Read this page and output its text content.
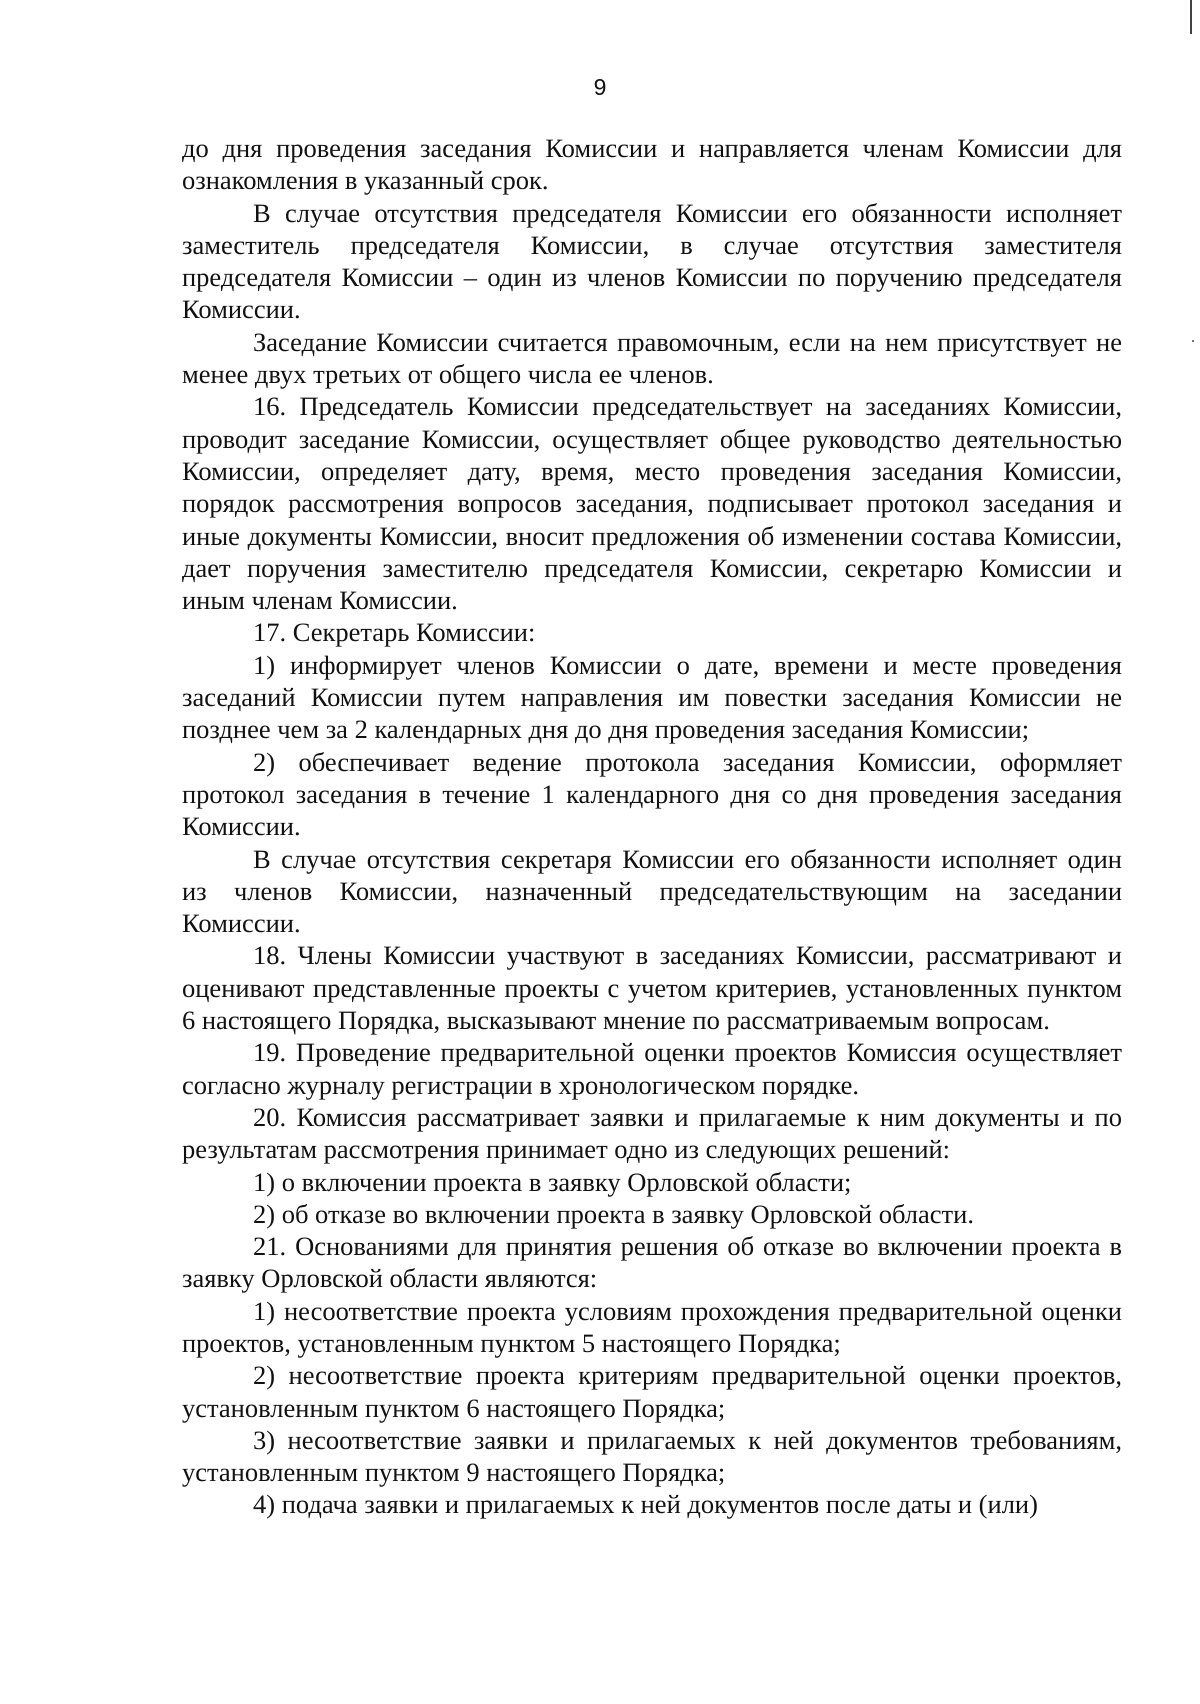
9

до дня проведения заседания Комиссии и направляется членам Комиссии для ознакомления в указанный срок.

В случае отсутствия председателя Комиссии его обязанности исполняет заместитель председателя Комиссии, в случае отсутствия заместителя председателя Комиссии – один из членов Комиссии по поручению председателя Комиссии.

Заседание Комиссии считается правомочным, если на нем присутствует не менее двух третьих от общего числа ее членов.

16. Председатель Комиссии председательствует на заседаниях Комиссии, проводит заседание Комиссии, осуществляет общее руководство деятельностью Комиссии, определяет дату, время, место проведения заседания Комиссии, порядок рассмотрения вопросов заседания, подписывает протокол заседания и иные документы Комиссии, вносит предложения об изменении состава Комиссии, дает поручения заместителю председателя Комиссии, секретарю Комиссии и иным членам Комиссии.

17. Секретарь Комиссии:

1) информирует членов Комиссии о дате, времени и месте проведения заседаний Комиссии путем направления им повестки заседания Комиссии не позднее чем за 2 календарных дня до дня проведения заседания Комиссии;

2) обеспечивает ведение протокола заседания Комиссии, оформляет протокол заседания в течение 1 календарного дня со дня проведения заседания Комиссии.

В случае отсутствия секретаря Комиссии его обязанности исполняет один из членов Комиссии, назначенный председательствующим на заседании Комиссии.

18. Члены Комиссии участвуют в заседаниях Комиссии, рассматривают и оценивают представленные проекты с учетом критериев, установленных пунктом 6 настоящего Порядка, высказывают мнение по рассматриваемым вопросам.

19. Проведение предварительной оценки проектов Комиссия осуществляет согласно журналу регистрации в хронологическом порядке.

20. Комиссия рассматривает заявки и прилагаемые к ним документы и по результатам рассмотрения принимает одно из следующих решений:

1) о включении проекта в заявку Орловской области;

2) об отказе во включении проекта в заявку Орловской области.

21. Основаниями для принятия решения об отказе во включении проекта в заявку Орловской области являются:

1) несоответствие проекта условиям прохождения предварительной оценки проектов, установленным пунктом 5 настоящего Порядка;

2) несоответствие проекта критериям предварительной оценки проектов, установленным пунктом 6 настоящего Порядка;

3) несоответствие заявки и прилагаемых к ней документов требованиям, установленным пунктом 9 настоящего Порядка;

4) подача заявки и прилагаемых к ней документов после даты и (или)
